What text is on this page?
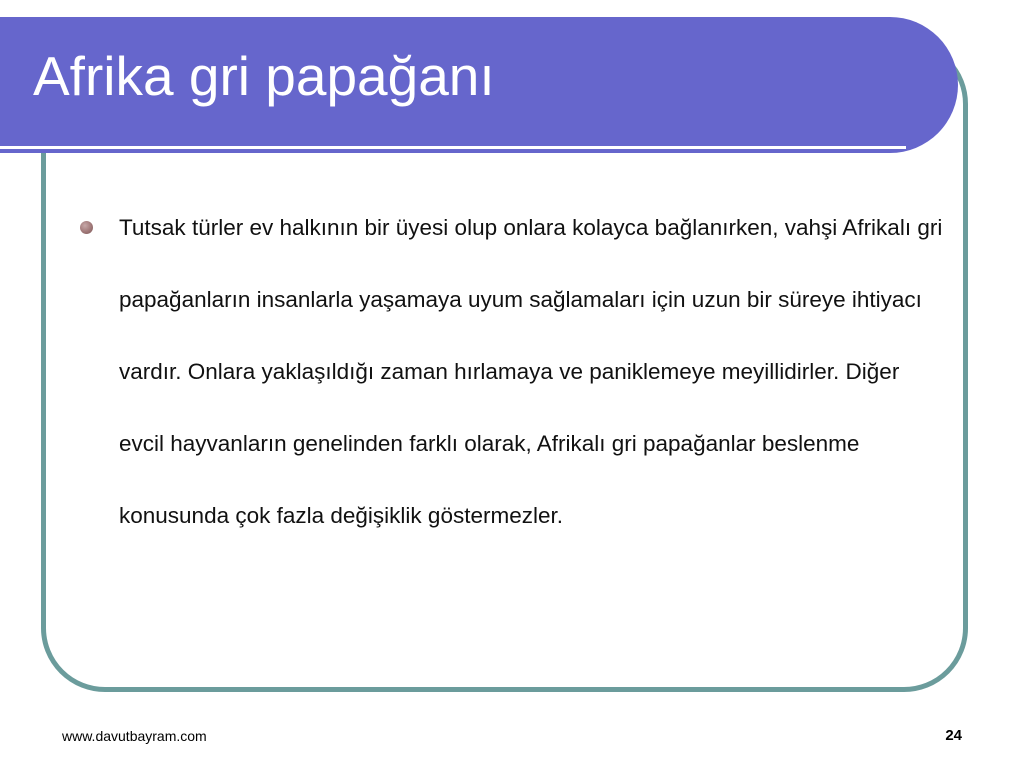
Afrika gri papağanı

Tutsak türler ev halkının bir üyesi olup onlara kolayca bağlanırken, vahşi Afrikalı gri papağanların insanlarla yaşamaya uyum sağlamaları için uzun bir süreye ihtiyacı vardır. Onlara yaklaşıldığı zaman hırlamaya ve paniklemeye meyillidirler. Diğer evcil hayvanların genelinden farklı olarak, Afrikalı gri papağanlar beslenme konusunda çok fazla değişiklik göstermezler.

www.davutbayram.com	24
